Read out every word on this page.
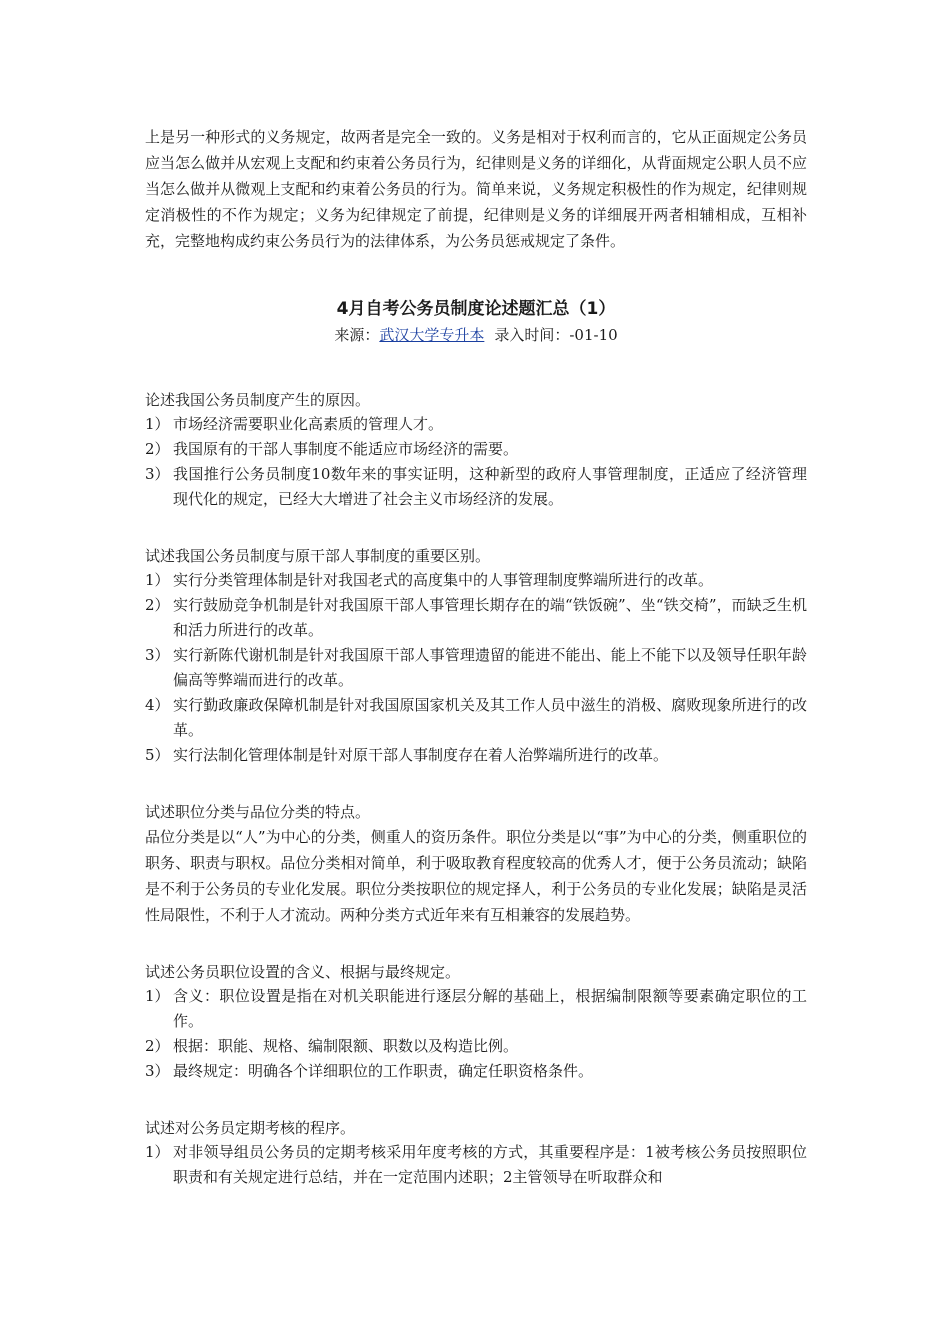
上是另一种形式的义务规定，故两者是完全一致的。义务是相对于权利而言的，它从正面规定公务员应当怎么做并从宏观上支配和约束着公务员行为，纪律则是义务的详细化，从背面规定公职人员不应当怎么做并从微观上支配和约束着公务员的行为。简单来说，义务规定积极性的作为规定，纪律则规定消极性的不作为规定；义务为纪律规定了前提，纪律则是义务的详细展开两者相辅相成，互相补充，完整地构成约束公务员行为的法律体系，为公务员惩戒规定了条件。

4月自考公务员制度论述题汇总（1）

来源：武汉大学专升本 录入时间：-01-10

论述我国公务员制度产生的原因。

1） 市场经济需要职业化高素质的管理人才。
2） 我国原有的干部人事制度不能适应市场经济的需要。
3） 我国推行公务员制度10数年来的事实证明，这种新型的政府人事管理制度，正适应了经济管理现代化的规定，已经大大增进了社会主义市场经济的发展。

试述我国公务员制度与原干部人事制度的重要区别。

1） 实行分类管理体制是针对我国老式的高度集中的人事管理制度弊端所进行的改革。
2） 实行鼓励竞争机制是针对我国原干部人事管理长期存在的端“铁饭碗”、坐“铁交椅”，而缺乏生机和活力所进行的改革。
3） 实行新陈代谢机制是针对我国原干部人事管理遗留的能进不能出、能上不能下以及领导任职年龄偏高等弊端而进行的改革。
4） 实行勤政廉政保障机制是针对我国原国家机关及其工作人员中滋生的消极、腐败现象所进行的改革。
5） 实行法制化管理体制是针对原干部人事制度存在着人治弊端所进行的改革。

试述职位分类与品位分类的特点。

品位分类是以“人”为中心的分类，侧重人的资历条件。职位分类是以“事”为中心的分类，侧重职位的职务、职责与职权。品位分类相对简单，利于吸取教育程度较高的优秀人才，便于公务员流动；缺陷是不利于公务员的专业化发展。职位分类按职位的规定择人，利于公务员的专业化发展；缺陷是灵活性局限性，不利于人才流动。两种分类方式近年来有互相兼容的发展趋势。

试述公务员职位设置的含义、根据与最终规定。

1） 含义：职位设置是指在对机关职能进行逐层分解的基础上，根据编制限额等要素确定职位的工作。
2） 根据：职能、规格、编制限额、职数以及构造比例。
3） 最终规定：明确各个详细职位的工作职责，确定任职资格条件。

试述对公务员定期考核的程序。

1） 对非领导组员公务员的定期考核采用年度考核的方式，其重要程序是：1被考核公务员按照职位职责和有关规定进行总结，并在一定范围内述职；2主管领导在听取群众和
